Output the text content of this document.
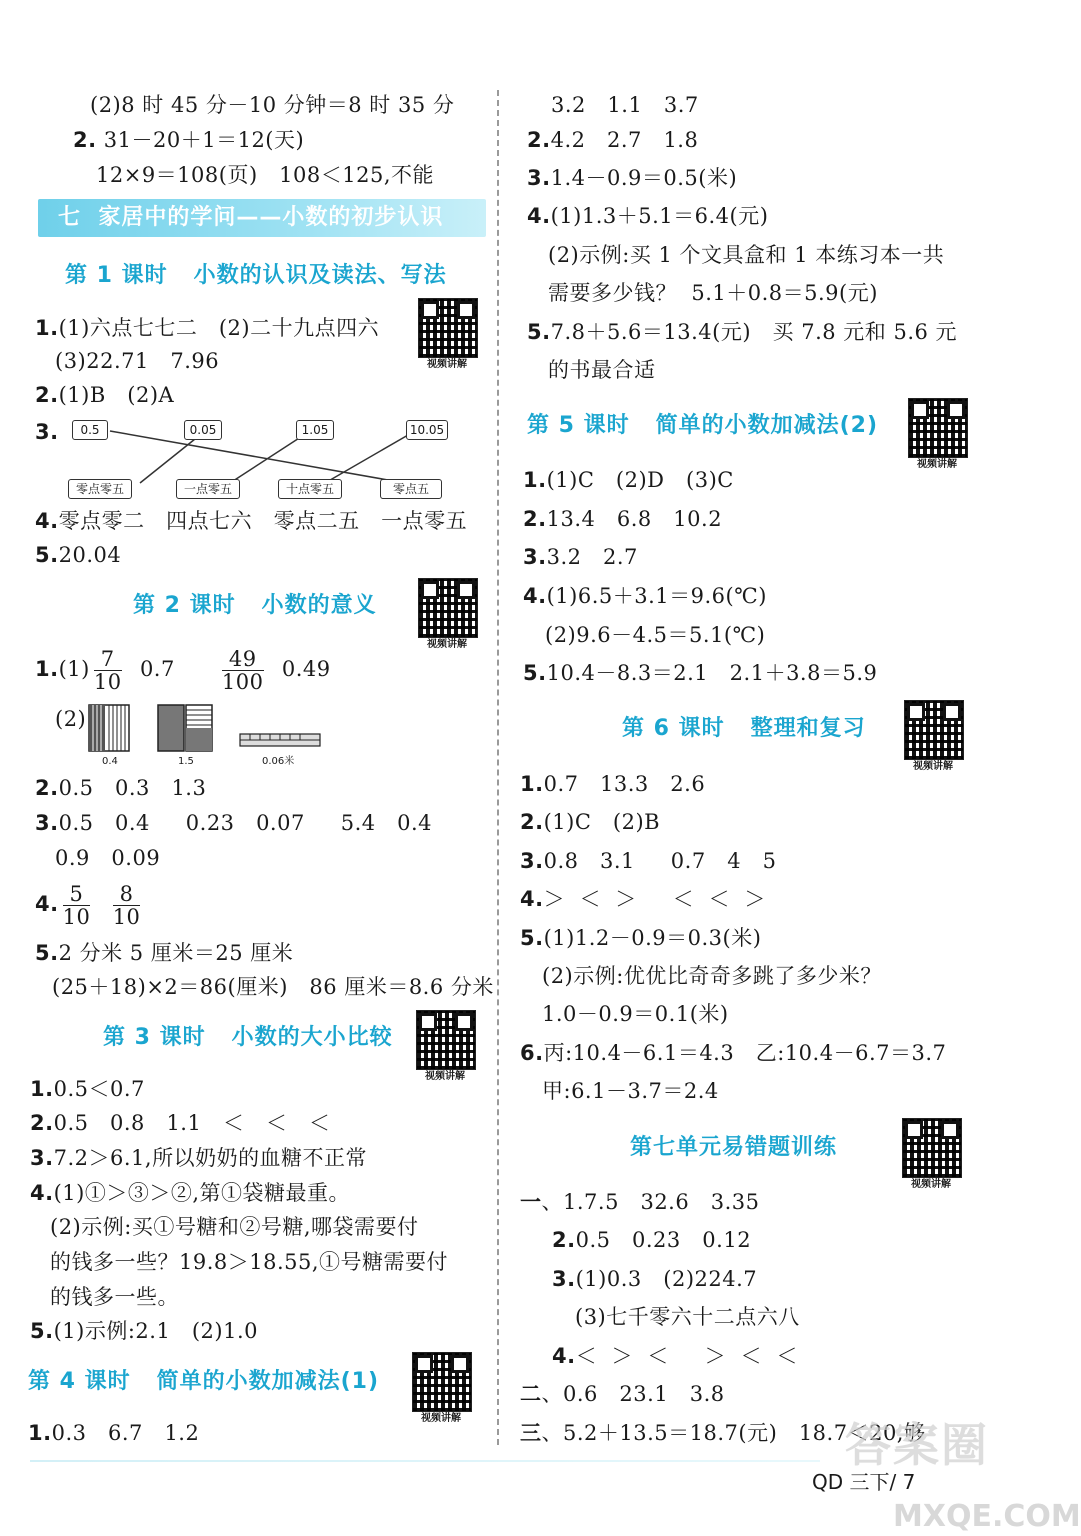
(2)8 时 45 分－10 分钟＝8 时 35 分
2. 31－20＋1＝12(天)
12×9＝108(页)   108＜125,不能
七  家居中的学问——小数的初步认识
第 1 课时   小数的认识及读法、写法
视频讲解
1.(1)六点七七二   (2)二十九点四六
(3)22.71   7.96
2.(1)B   (2)A
3.	0.5	0.05	1.05	10.05
零点零五	一点零五	十点零五	零点五
4.零点零二   四点七六   零点二五   一点零五
5.20.04
第 2 课时   小数的意义
视频讲解
$1.(1) \frac{7}{10} 0.7 \frac{49}{100} 0.49$
(2)
0.4	1.5	0.06米
2.0.5   0.3   1.3
3.0.5   0.4     0.23   0.07     5.4   0.4
0.9   0.09
4. $\frac{5}{10}$
$\frac{8}{10}$
5.2 分米 5 厘米＝25 厘米
(25＋18)×2＝86(厘米)   86 厘米＝8.6 分米
第 3 课时   小数的大小比较
视频讲解
1.0.5＜0.7
2.0.5   0.8   1.1   ＜   ＜   ＜
3.7.2＞6.1,所以奶奶的血糖不正常
4.(1)①＞③＞②,第①袋糖最重。
(2)示例:买①号糖和②号糖,哪袋需要付
的钱多一些？19.8＞18.55,①号糖需要付
的钱多一些。
5.(1)示例:2.1   (2)1.0
第 4 课时   简单的小数加减法(1)
视频讲解
1.0.3   6.7   1.2
3.2   1.1   3.7
2.4.2   2.7   1.8
3.1.4－0.9＝0.5(米)
4.(1)1.3＋5.1＝6.4(元)
(2)示例:买 1 个文具盒和 1 本练习本一共
需要多少钱？  5.1＋0.8＝5.9(元)
5.7.8＋5.6＝13.4(元)   买 7.8 元和 5.6 元
的书最合适
第 5 课时   简单的小数加减法(2)
视频讲解
1.(1)C   (2)D   (3)C
2.13.4   6.8   10.2
3.3.2   2.7
4.(1)6.5＋3.1＝9.6(℃)
(2)9.6－4.5＝5.1(℃)
5.10.4－8.3＝2.1   2.1＋3.8＝5.9
第 6 课时   整理和复习
视频讲解
1.0.7   13.3   2.6
2.(1)C   (2)B
3.0.8   3.1     0.7   4   5
4.＞  ＜  ＞     ＜  ＜  ＞
5.(1)1.2－0.9＝0.3(米)
(2)示例:优优比奇奇多跳了多少米？
1.0－0.9＝0.1(米)
6.丙:10.4－6.1＝4.3   乙:10.4－6.7＝3.7
甲:6.1－3.7＝2.4
第七单元易错题训练
视频讲解
一、1.7.5   32.6   3.35
2.0.5   0.23   0.12
3.(1)0.3   (2)224.7
(3)七千零六十二点六八
4.＜  ＞  ＜     ＞  ＜  ＜
二、0.6   23.1   3.8
三、5.2＋13.5＝18.7(元)   18.7＜20,够
答案圈
QD 三下/ 7
MXQE.COM
